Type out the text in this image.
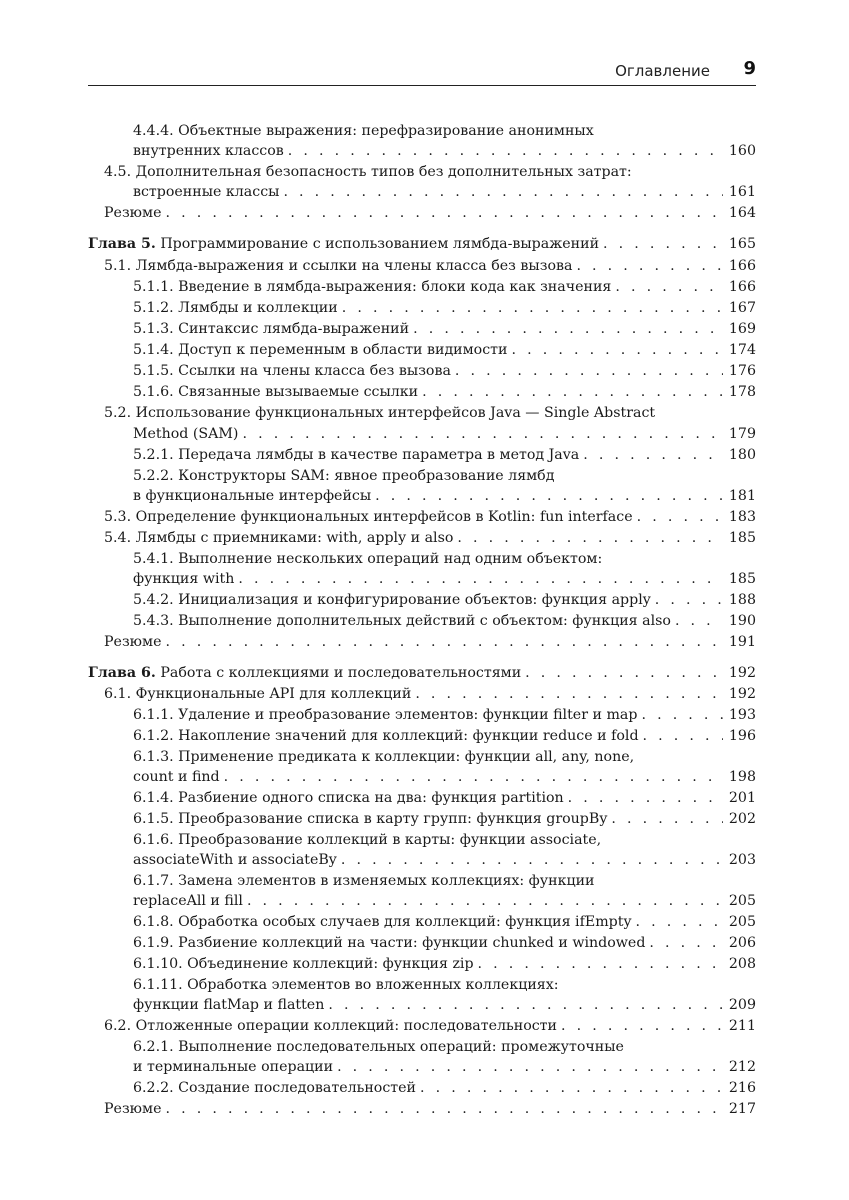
Оглавление 9
4.4.4. Объектные выражения: перефразирование анонимных
внутренних классов . . .	160
4.5. Дополнительная безопасность типов без дополнительных затрат:
встроенные классы . . .	161
Резюме . . .	164
Глава 5. Программирование с использованием лямбда-выражений . . .	165
5.1. Лямбда-выражения и ссылки на члены класса без вызова . . .	166
5.1.1. Введение в лямбда-выражения: блоки кода как значения . . .	166
5.1.2. Лямбды и коллекции . . .	167
5.1.3. Синтаксис лямбда-выражений . . .	169
5.1.4. Доступ к переменным в области видимости . . .	174
5.1.5. Ссылки на члены класса без вызова . . .	176
5.1.6. Связанные вызываемые ссылки . . .	178
5.2. Использование функциональных интерфейсов Java — Single Abstract
Method (SAM) . . .	179
5.2.1. Передача лямбды в качестве параметра в метод Java . . .	180
5.2.2. Конструкторы SAM: явное преобразование лямбд
в функциональные интерфейсы . . .	181
5.3. Определение функциональных интерфейсов в Kotlin: fun interface . . .	183
5.4. Лямбды с приемниками: with, apply и also . . .	185
5.4.1. Выполнение нескольких операций над одним объектом:
функция with . . .	185
5.4.2. Инициализация и конфигурирование объектов: функция apply . . .	188
5.4.3. Выполнение дополнительных действий с объектом: функция also . . .	190
Резюме . . .	191
Глава 6. Работа с коллекциями и последовательностями . . .	192
6.1. Функциональные API для коллекций . . .	192
6.1.1. Удаление и преобразование элементов: функции filter и map . . .	193
6.1.2. Накопление значений для коллекций: функции reduce и fold . . .	196
6.1.3. Применение предиката к коллекции: функции all, any, none,
count и find . . .	198
6.1.4. Разбиение одного списка на два: функция partition . . .	201
6.1.5. Преобразование списка в карту групп: функция groupBy . . .	202
6.1.6. Преобразование коллекций в карты: функции associate,
associateWith и associateBy . . .	203
6.1.7. Замена элементов в изменяемых коллекциях: функции
replaceAll и fill . . .	205
6.1.8. Обработка особых случаев для коллекций: функция ifEmpty . . .	205
6.1.9. Разбиение коллекций на части: функции chunked и windowed . . .	206
6.1.10. Объединение коллекций: функция zip . . .	208
6.1.11. Обработка элементов во вложенных коллекциях:
функции flatMap и flatten . . .	209
6.2. Отложенные операции коллекций: последовательности . . .	211
6.2.1. Выполнение последовательных операций: промежуточные
и терминальные операции . . .	212
6.2.2. Создание последовательностей . . .	216
Резюме . . .	217
